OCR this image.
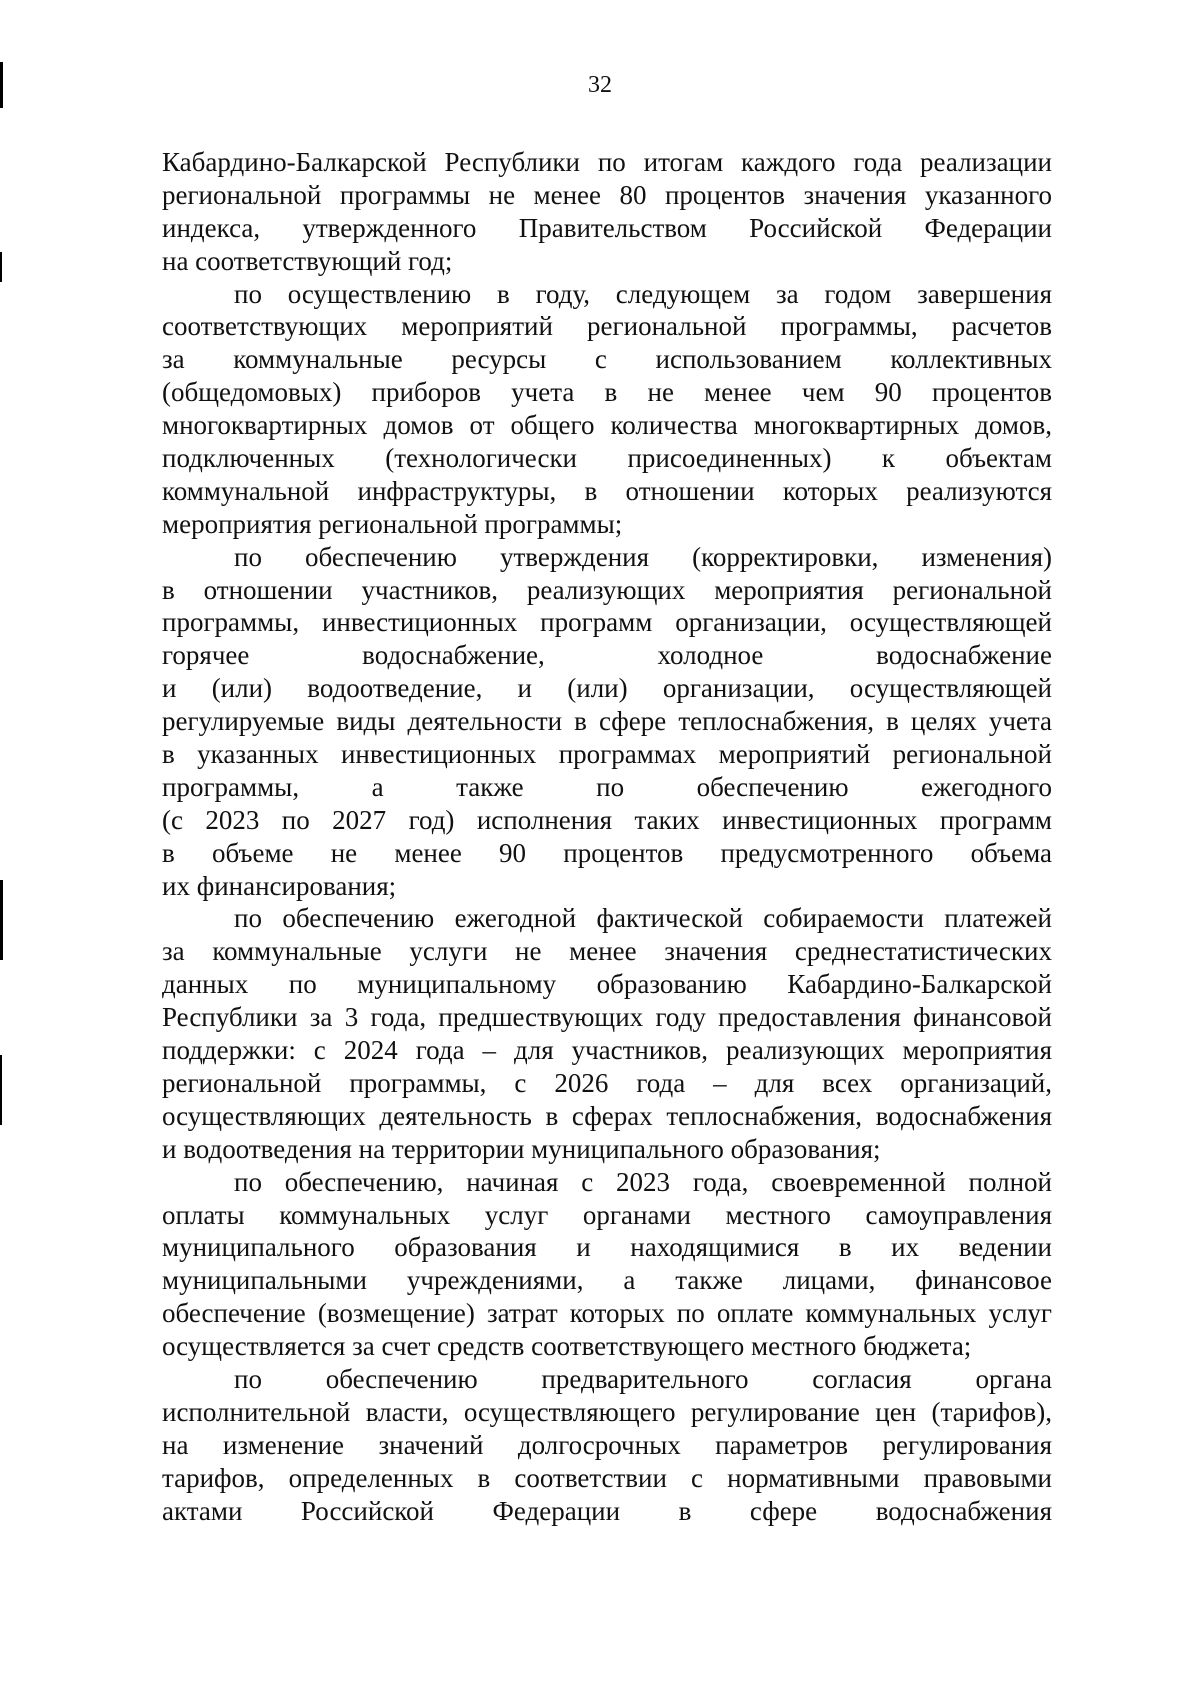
32
Кабардино-Балкарской Республики по итогам каждого года реализации
региональной программы не менее 80 процентов значения указанного
индекса, утвержденного Правительством Российской Федерации
на соответствующий год;
по осуществлению в году, следующем за годом завершения
соответствующих мероприятий региональной программы, расчетов
за коммунальные ресурсы с использованием коллективных
(общедомовых) приборов учета в не менее чем 90 процентов
многоквартирных домов от общего количества многоквартирных домов,
подключенных (технологически присоединенных) к объектам
коммунальной инфраструктуры, в отношении которых реализуются
мероприятия региональной программы;
по обеспечению утверждения (корректировки, изменения)
в отношении участников, реализующих мероприятия региональной
программы, инвестиционных программ организации, осуществляющей
горячее водоснабжение, холодное водоснабжение
и (или) водоотведение, и (или) организации, осуществляющей
регулируемые виды деятельности в сфере теплоснабжения, в целях учета
в указанных инвестиционных программах мероприятий региональной
программы, а также по обеспечению ежегодного
(с 2023 по 2027 год) исполнения таких инвестиционных программ
в объеме не менее 90 процентов предусмотренного объема
их финансирования;
по обеспечению ежегодной фактической собираемости платежей
за коммунальные услуги не менее значения среднестатистических
данных по муниципальному образованию Кабардино-Балкарской
Республики за 3 года, предшествующих году предоставления финансовой
поддержки: с 2024 года – для участников, реализующих мероприятия
региональной программы, с 2026 года – для всех организаций,
осуществляющих деятельность в сферах теплоснабжения, водоснабжения
и водоотведения на территории муниципального образования;
по обеспечению, начиная с 2023 года, своевременной полной
оплаты коммунальных услуг органами местного самоуправления
муниципального образования и находящимися в их ведении
муниципальными учреждениями, а также лицами, финансовое
обеспечение (возмещение) затрат которых по оплате коммунальных услуг
осуществляется за счет средств соответствующего местного бюджета;
по обеспечению предварительного согласия органа
исполнительной власти, осуществляющего регулирование цен (тарифов),
на изменение значений долгосрочных параметров регулирования
тарифов, определенных в соответствии с нормативными правовыми
актами Российской Федерации в сфере водоснабжения
